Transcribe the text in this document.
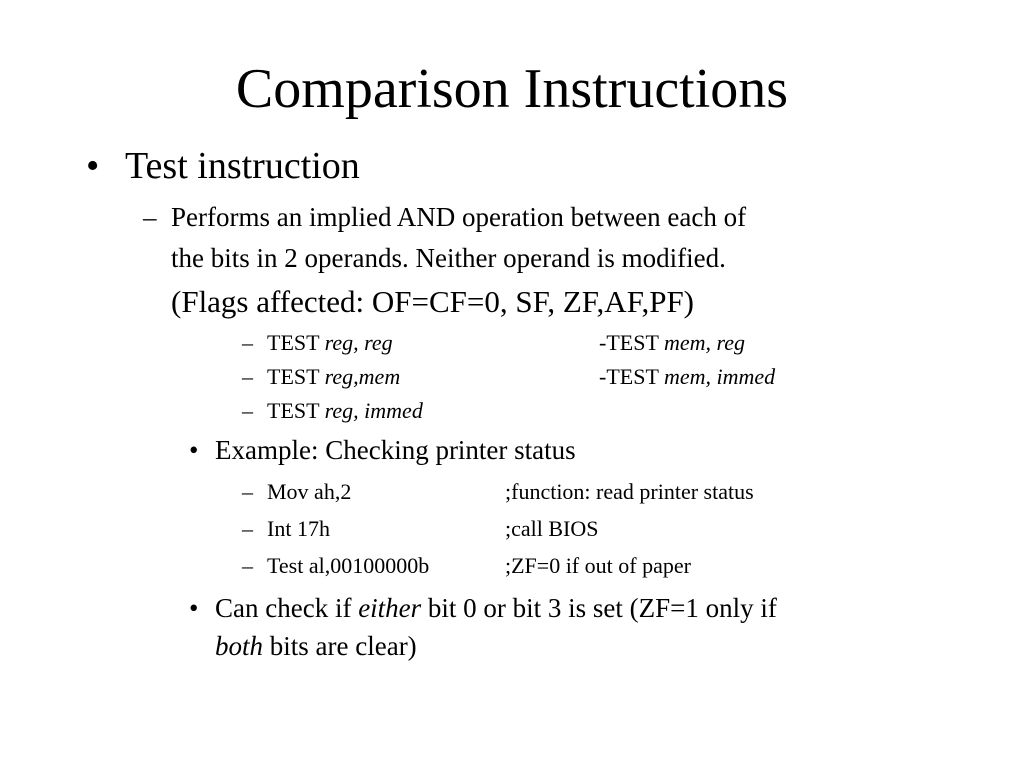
Comparison Instructions
• Test instruction
– Performs an implied AND operation between each of
the bits in 2 operands. Neither operand is modified.
(Flags affected: OF=CF=0, SF, ZF,AF,PF)
– TEST reg, reg	-TEST mem, reg
– TEST reg,mem	-TEST mem, immed
– TEST reg, immed
• Example: Checking printer status
– Mov ah,2	;function: read printer status
– Int 17h	;call BIOS
– Test al,00100000b	;ZF=0 if out of paper
• Can check if either bit 0 or bit 3 is set (ZF=1 only if
both bits are clear)
